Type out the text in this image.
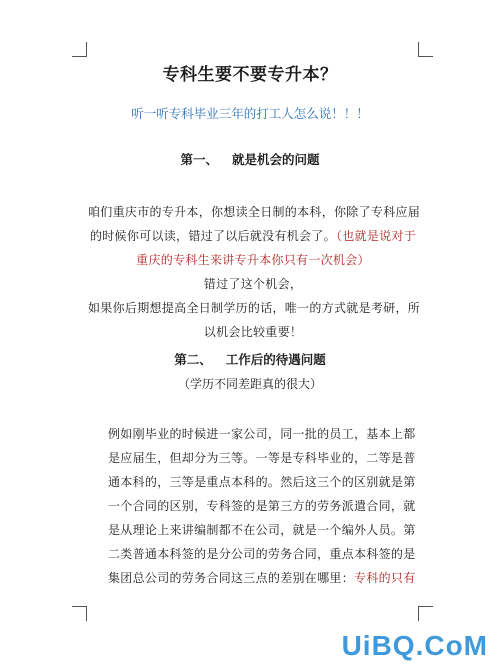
专科生要不要专升本？
听一听专科毕业三年的打工人怎么说！！！
第一、 就是机会的问题
咱们重庆市的专升本，你想读全日制的本科，你除了专科应届
的时候你可以读，错过了以后就没有机会了。（也就是说对于
重庆的专科生来讲专升本你只有一次机会）
错过了这个机会，
如果你后期想提高全日制学历的话，唯一的方式就是考研，所
以机会比较重要！
第二、 工作后的待遇问题
（学历不同差距真的很大）
例如刚毕业的时候进一家公司，同一批的员工，基本上都
是应届生，但却分为三等。一等是专科毕业的，二等是普
通本科的，三等是重点本科的。然后这三个的区别就是第
一个合同的区别，专科签的是第三方的劳务派遣合同，就
是从理论上来讲编制都不在公司，就是一个编外人员。第
二类普通本科签的是分公司的劳务合同，重点本科签的是
集团总公司的劳务合同这三点的差别在哪里：专科的只有
UiBQ.CoM
